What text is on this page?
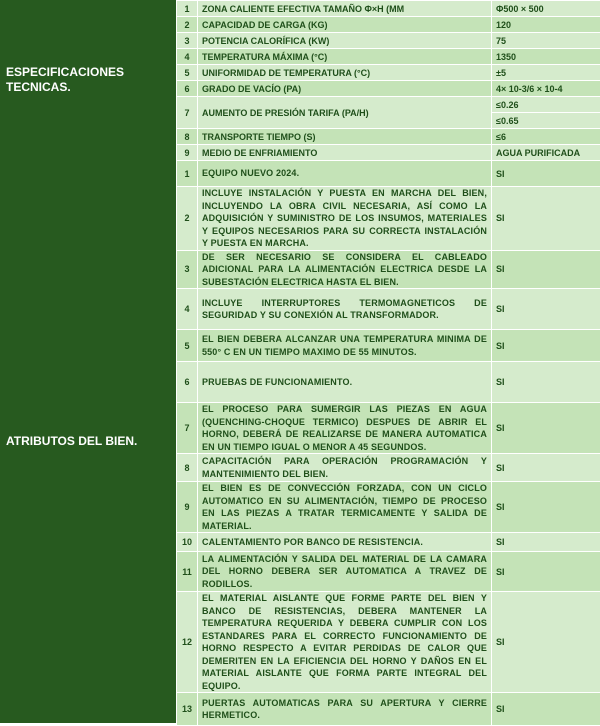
ESPECIFICACIONES TECNICAS.
ATRIBUTOS DEL BIEN.
1	ZONA CALIENTE EFECTIVA TAMAÑO Φ×H (MM	Φ500 × 500
2	CAPACIDAD DE CARGA (KG)	120
3	POTENCIA CALORÍFICA (KW)	75
4	TEMPERATURA MÁXIMA (°C)	1350
5	UNIFORMIDAD DE TEMPERATURA (°C)	±5
6	GRADO DE VACÍO (PA)	4× 10-3/6 × 10-4
7	AUMENTO DE PRESIÓN TARIFA (PA/H)	≤0.26
		≤0.65
8	TRANSPORTE TIEMPO (S)	≤6
9	MEDIO DE ENFRIAMIENTO	AGUA PURIFICADA
1	EQUIPO NUEVO 2024.	SI
2	INCLUYE INSTALACIÓN Y PUESTA EN MARCHA DEL BIEN, INCLUYENDO LA OBRA CIVIL NECESARIA, ASÍ COMO LA ADQUISICIÓN Y SUMINISTRO DE LOS INSUMOS, MATERIALES Y EQUIPOS NECESARIOS PARA SU CORRECTA INSTALACIÓN Y PUESTA EN MARCHA.	SI
3	DE SER NECESARIO SE CONSIDERA EL CABLEADO ADICIONAL PARA LA ALIMENTACIÓN ELECTRICA DESDE LA SUBESTACIÓN ELECTRICA HASTA EL BIEN.	SI
4	INCLUYE INTERRUPTORES TERMOMAGNETICOS DE SEGURIDAD Y SU CONEXIÓN AL TRANSFORMADOR.	SI
5	EL BIEN DEBERA ALCANZAR UNA TEMPERATURA MINIMA DE 550° C EN UN TIEMPO MAXIMO DE 55 MINUTOS.	SI
6	PRUEBAS DE FUNCIONAMIENTO.	SI
7	EL PROCESO PARA SUMERGIR LAS PIEZAS EN AGUA (QUENCHING-CHOQUE TERMICO) DESPUES DE ABRIR EL HORNO, DEBERÁ DE REALIZARSE DE MANERA AUTOMATICA EN UN TIEMPO IGUAL O MENOR A 45 SEGUNDOS.	SI
8	CAPACITACIÓN PARA OPERACIÓN PROGRAMACIÓN Y MANTENIMIENTO DEL BIEN.	SI
9	EL BIEN ES DE CONVECCIÓN FORZADA, CON UN CICLO AUTOMATICO EN SU ALIMENTACIÓN, TIEMPO DE PROCESO EN LAS PIEZAS A TRATAR TERMICAMENTE Y SALIDA DE MATERIAL.	SI
10	CALENTAMIENTO POR BANCO DE RESISTENCIA.	SI
11	LA ALIMENTACIÓN Y SALIDA DEL MATERIAL DE LA CAMARA DEL HORNO DEBERA SER AUTOMATICA A TRAVEZ DE RODILLOS.	SI
12	EL MATERIAL AISLANTE QUE FORME PARTE DEL BIEN Y BANCO DE RESISTENCIAS, DEBERA MANTENER LA TEMPERATURA REQUERIDA Y DEBERA CUMPLIR CON LOS ESTANDARES PARA EL CORRECTO FUNCIONAMIENTO DE HORNO RESPECTO A EVITAR PERDIDAS DE CALOR QUE DEMERITEN EN LA EFICIENCIA DEL HORNO Y DAÑOS EN EL MATERIAL AISLANTE QUE FORMA PARTE INTEGRAL DEL EQUIPO.	SI
13	PUERTAS AUTOMATICAS PARA SU APERTURA Y CIERRE HERMETICO.	SI
